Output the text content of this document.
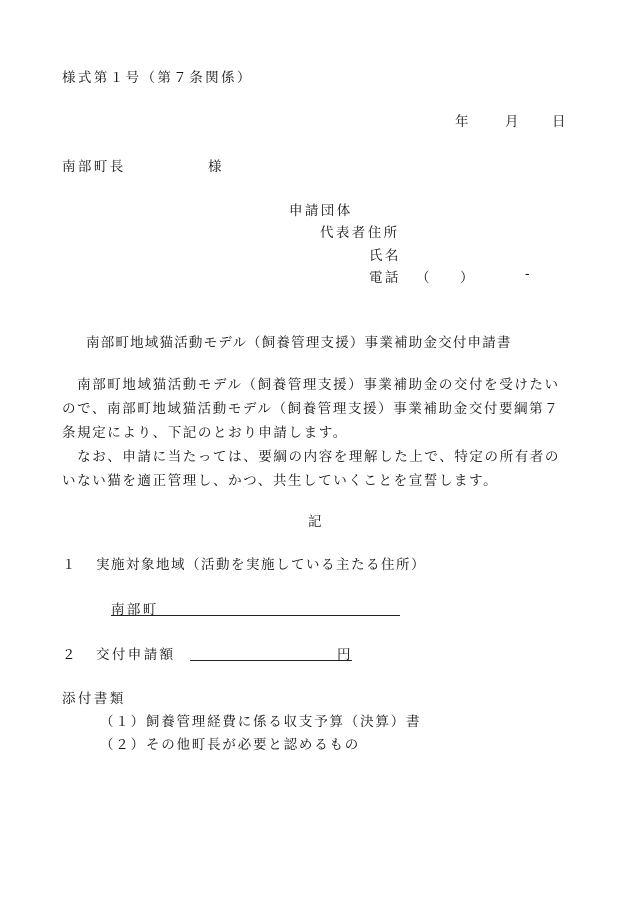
様式第１号（第７条関係）
年	月 日
南部町長	様
申請団体
代表者住所
氏名
電話 （ ）	-
南部町地域猫活動モデル（飼養管理支援）事業補助金交付申請書
　南部町地域猫活動モデル（飼養管理支援）事業補助金の交付を受けたいので、南部町地域猫活動モデル（飼養管理支援）事業補助金交付要綱第７条規定により、下記のとおり申請します。
　なお、申請に当たっては、要綱の内容を理解した上で、特定の所有者のいない猫を適正管理し、かつ、共生していくことを宣誓します。
記
１ 実施対象地域（活動を実施している主たる住所）
南部町
２ 交付申請額	円
添付書類
（１）飼養管理経費に係る収支予算（決算）書
（２）その他町長が必要と認めるもの
